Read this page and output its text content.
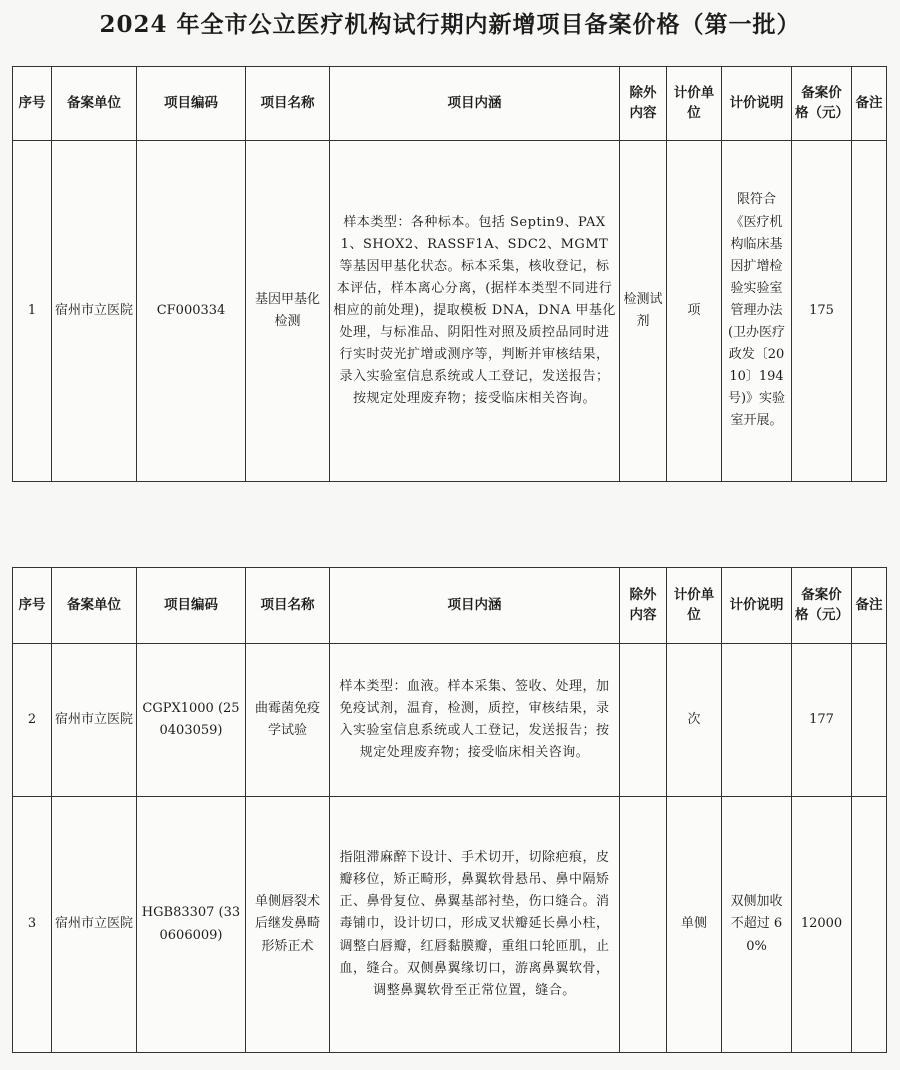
2024 年全市公立医疗机构试行期内新增项目备案价格（第一批）
序号	备案单位	项目编码	项目名称	项目内涵	除外内容	计价单位	计价说明	备案价格（元）	备注
1	宿州市立医院	CF000334	基因甲基化检测	样本类型：各种标本。包括 Septin9、PAX1、SHOX2、RASSF1A、SDC2、MGMT 等基因甲基化状态。标本采集，核收登记，标本评估，样本离心分离，(据样本类型不同进行相应的前处理)，提取模板 DNA，DNA 甲基化处理，与标准品、阴阳性对照及质控品同时进行实时荧光扩增或测序等，判断并审核结果，录入实验室信息系统或人工登记，发送报告；按规定处理废弃物；接受临床相关咨询。	检测试剂	项	限符合《医疗机构临床基因扩增检验实验室管理办法(卫办医疗政发〔2010〕194 号)》实验室开展。	175	
序号	备案单位	项目编码	项目名称	项目内涵	除外内容	计价单位	计价说明	备案价格（元）	备注
2	宿州市立医院	CGPX1000 (250403059)	曲霉菌免疫学试验	样本类型：血液。样本采集、签收、处理，加免疫试剂，温育，检测，质控，审核结果，录入实验室信息系统或人工登记，发送报告；按规定处理废弃物；接受临床相关咨询。		次		177	
3	宿州市立医院	HGB83307 (330606009)	单侧唇裂术后继发鼻畸形矫正术	指阻滞麻醉下设计、手术切开，切除疤痕，皮瓣移位，矫正畸形，鼻翼软骨悬吊、鼻中隔矫正、鼻骨复位、鼻翼基部衬垫，伤口缝合。消毒铺巾，设计切口，形成叉状瓣延长鼻小柱，调整白唇瓣，红唇黏膜瓣，重组口轮匝肌，止血，缝合。双侧鼻翼缘切口，游离鼻翼软骨，调整鼻翼软骨至正常位置，缝合。		单侧	双侧加收不超过 60%	12000	
